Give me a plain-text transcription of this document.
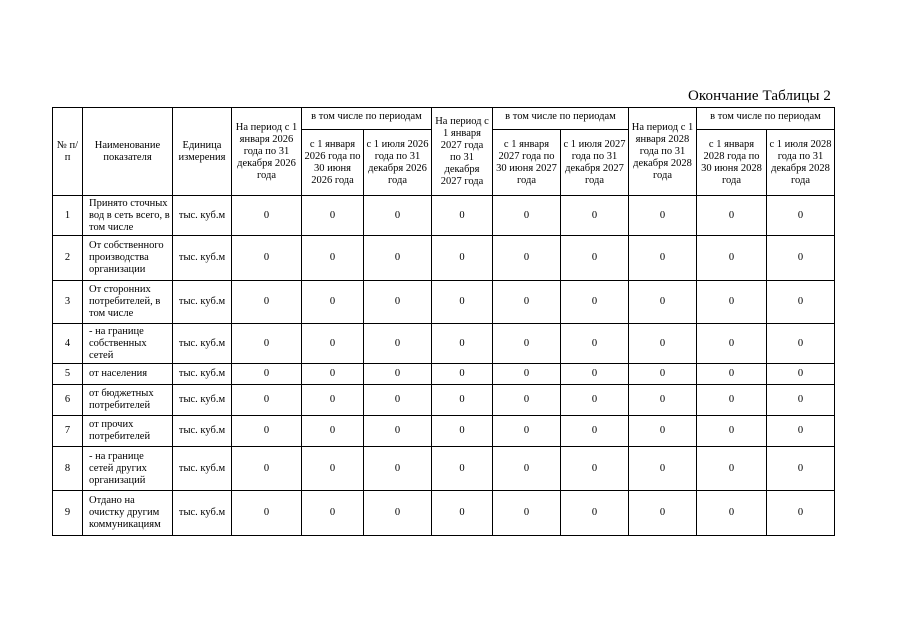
Окончание Таблицы 2
№ п/п	Наименование показателя	Единица измерения	На период с 1 января 2026 года по 31 декабря 2026 года	в том числе по периодам		На период с 1 января 2027 года по 31 декабря 2027 года	в том числе по периодам		На период с 1 января 2028 года по 31 декабря 2028 года	в том числе по периодам	
				с 1 января 2026 года по 30 июня 2026 года	с 1 июля 2026 года по 31 декабря 2026 года		с 1 января 2027 года по 30 июня 2027 года	с 1 июля 2027 года по 31 декабря 2027 года		с 1 января 2028 года по 30 июня 2028 года	с 1 июля 2028 года по 31 декабря 2028 года
1	Принято сточных вод в сеть всего, в том числе	тыс. куб.м	0	0	0	0	0	0	0	0	0
2	От собственного производства организации	тыс. куб.м	0	0	0	0	0	0	0	0	0
3	От сторонних потребителей, в том числе	тыс. куб.м	0	0	0	0	0	0	0	0	0
4	- на границе собственных сетей	тыс. куб.м	0	0	0	0	0	0	0	0	0
5	от населения	тыс. куб.м	0	0	0	0	0	0	0	0	0
6	от бюджетных потребителей	тыс. куб.м	0	0	0	0	0	0	0	0	0
7	от прочих потребителей	тыс. куб.м	0	0	0	0	0	0	0	0	0
8	- на границе сетей других организаций	тыс. куб.м	0	0	0	0	0	0	0	0	0
9	Отдано на очистку другим коммуникациям	тыс. куб.м	0	0	0	0	0	0	0	0	0
